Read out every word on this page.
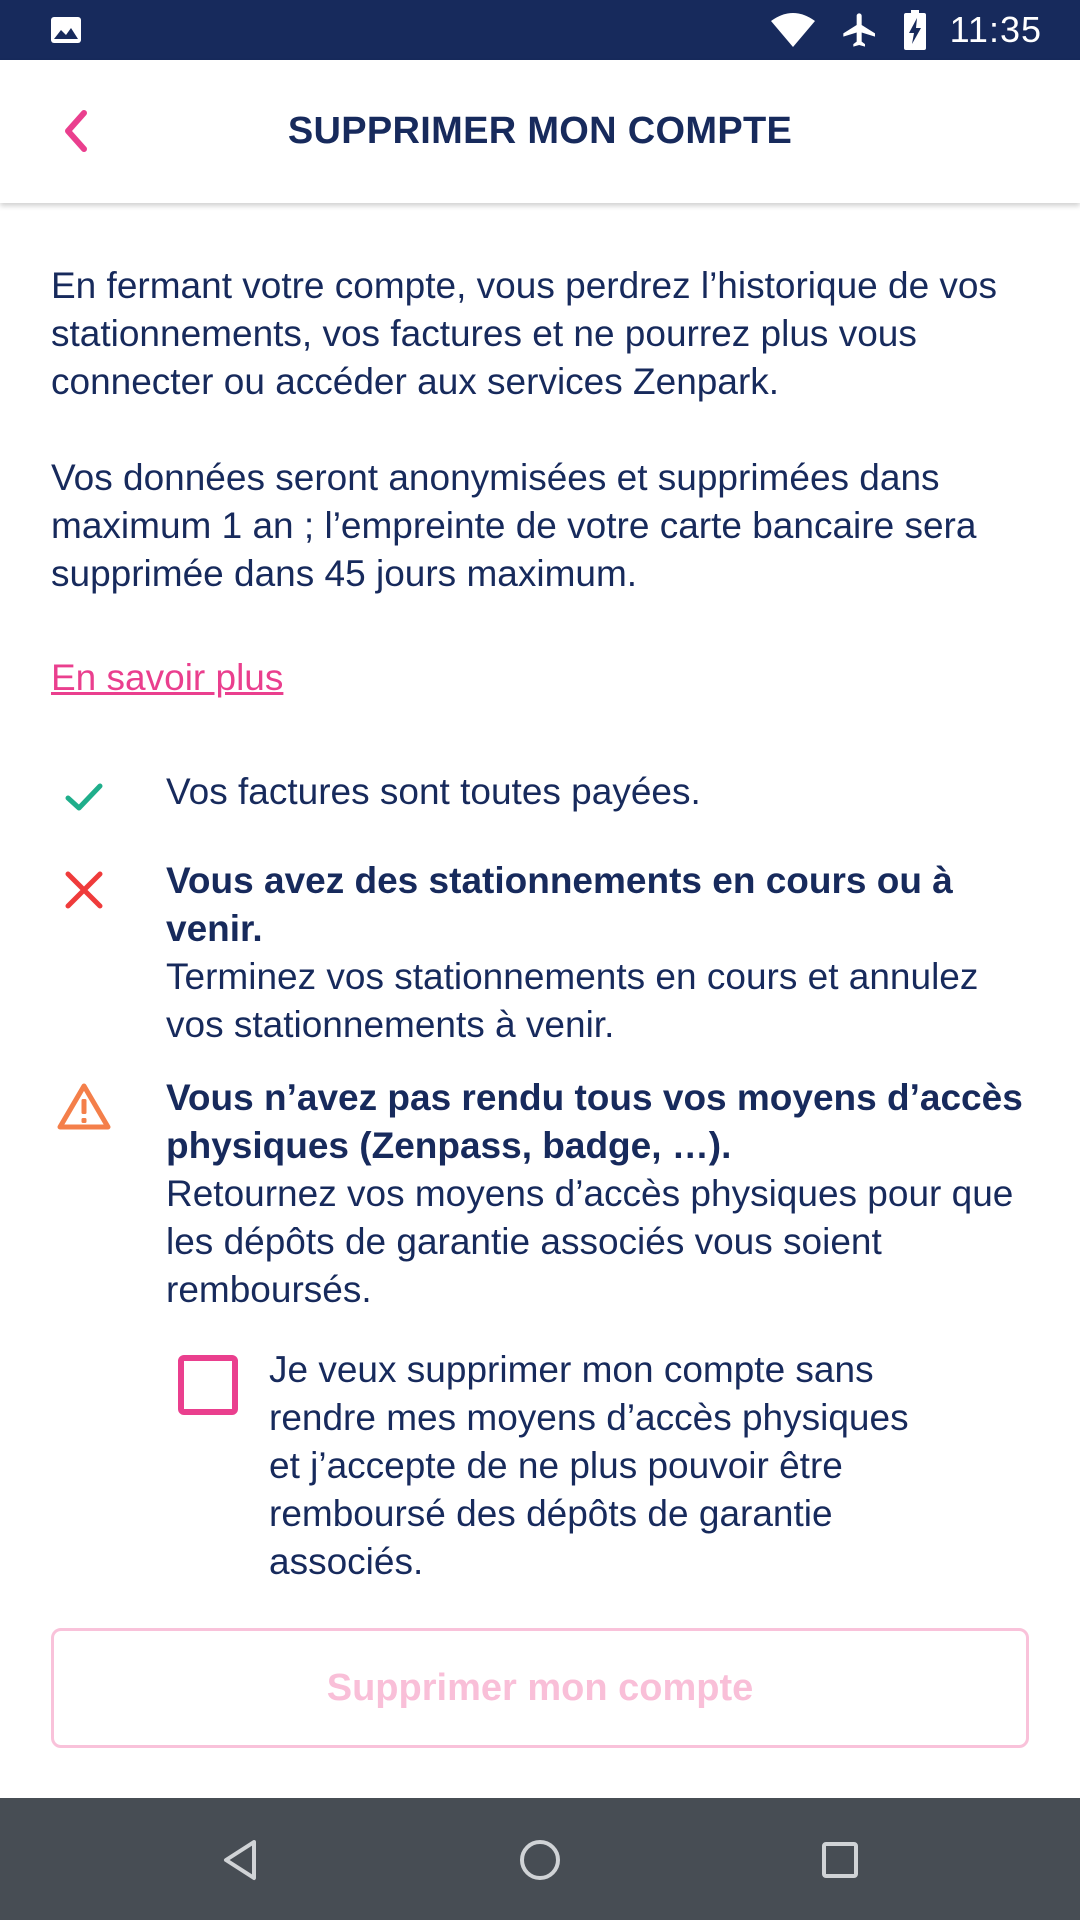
11:35
SUPPRIMER MON COMPTE

En fermant votre compte, vous perdrez l’historique de vos stationnements, vos factures et ne pourrez plus vous connecter ou accéder aux services Zenpark.

Vos données seront anonymisées et supprimées dans maximum 1 an ; l’empreinte de votre carte bancaire sera supprimée dans 45 jours maximum.

En savoir plus
Vos factures sont toutes payées.
Vous avez des stationnements en cours ou à venir.
Terminez vos stationnements en cours et annulez vos stationnements à venir.
Vous n’avez pas rendu tous vos moyens d’accès physiques (Zenpass, badge, …).
Retournez vos moyens d’accès physiques pour que les dépôts de garantie associés vous soient remboursés.
Je veux supprimer mon compte sans rendre mes moyens d’accès physiques et j’accepte de ne plus pouvoir être remboursé des dépôts de garantie associés.
Supprimer mon compte
